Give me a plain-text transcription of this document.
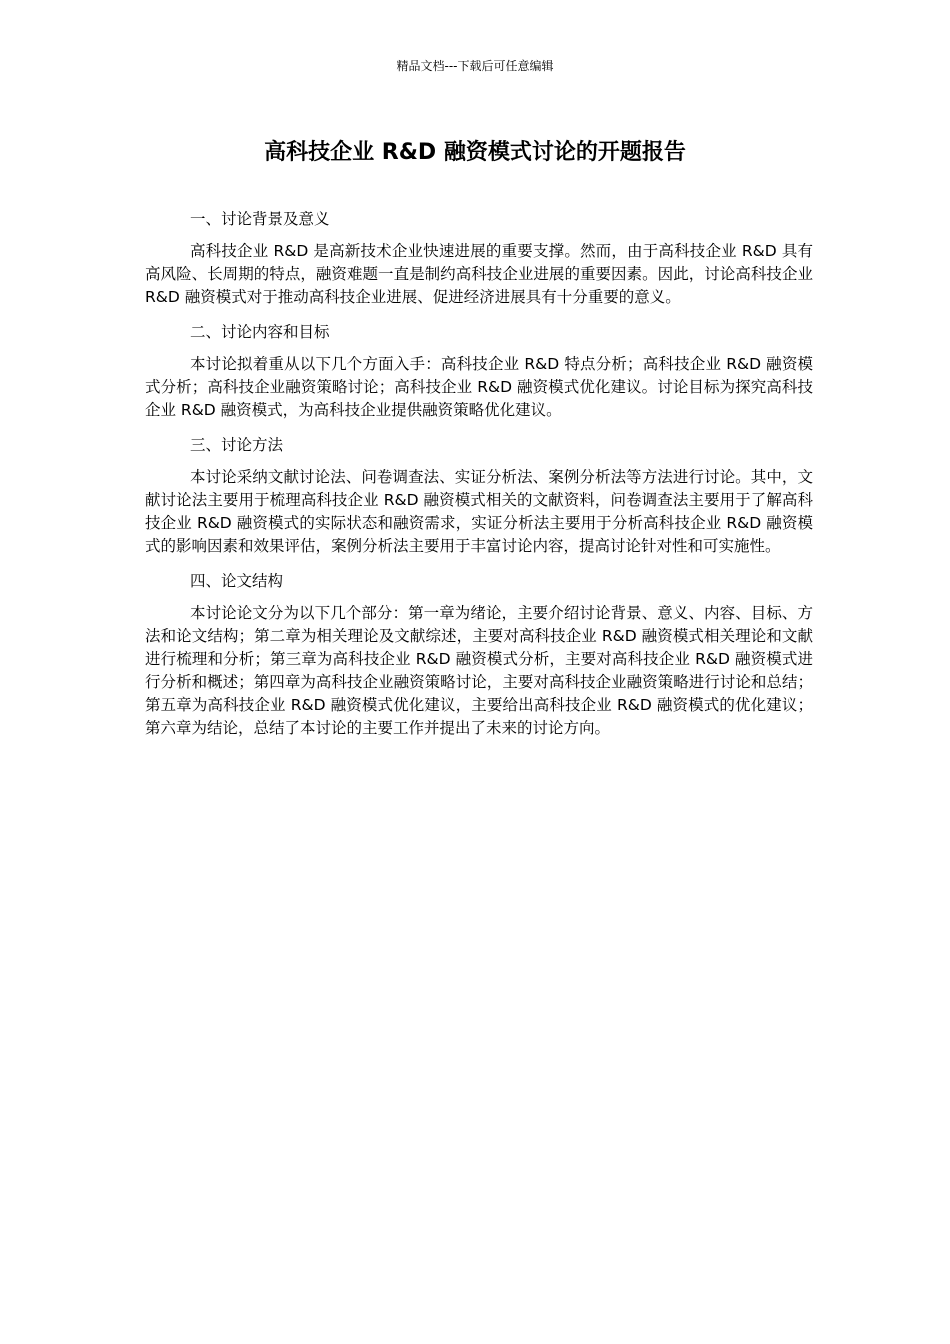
精品文档---下载后可任意编辑
高科技企业 R&D 融资模式讨论的开题报告

一、讨论背景及意义

高科技企业 R&D 是高新技术企业快速进展的重要支撑。然而，由于高科技企业 R&D 具有高风险、长周期的特点，融资难题一直是制约高科技企业进展的重要因素。因此，讨论高科技企业 R&D 融资模式对于推动高科技企业进展、促进经济进展具有十分重要的意义。

二、讨论内容和目标

本讨论拟着重从以下几个方面入手：高科技企业 R&D 特点分析；高科技企业 R&D 融资模式分析；高科技企业融资策略讨论；高科技企业 R&D 融资模式优化建议。讨论目标为探究高科技企业 R&D 融资模式，为高科技企业提供融资策略优化建议。

三、讨论方法

本讨论采纳文献讨论法、问卷调查法、实证分析法、案例分析法等方法进行讨论。其中，文献讨论法主要用于梳理高科技企业 R&D 融资模式相关的文献资料，问卷调查法主要用于了解高科技企业 R&D 融资模式的实际状态和融资需求，实证分析法主要用于分析高科技企业 R&D 融资模式的影响因素和效果评估，案例分析法主要用于丰富讨论内容，提高讨论针对性和可实施性。

四、论文结构

本讨论论文分为以下几个部分：第一章为绪论，主要介绍讨论背景、意义、内容、目标、方法和论文结构；第二章为相关理论及文献综述，主要对高科技企业 R&D 融资模式相关理论和文献进行梳理和分析；第三章为高科技企业 R&D 融资模式分析，主要对高科技企业 R&D 融资模式进行分析和概述；第四章为高科技企业融资策略讨论，主要对高科技企业融资策略进行讨论和总结；第五章为高科技企业 R&D 融资模式优化建议，主要给出高科技企业 R&D 融资模式的优化建议；第六章为结论，总结了本讨论的主要工作并提出了未来的讨论方向。
